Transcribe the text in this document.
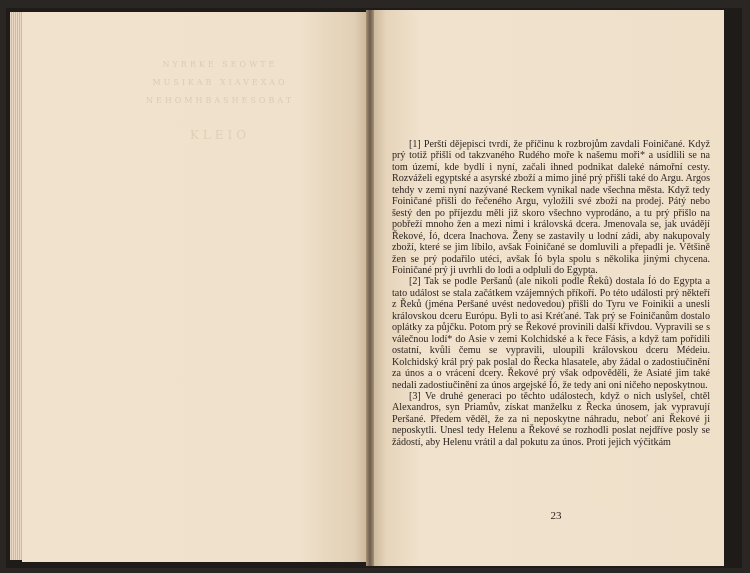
NYRRKE SEOWTE
MUSIKAB XIAVEXAO
NEHOMHBASHESOBAT
KLEIO

[1] Perští dějepisci tvrdí, že příčinu k rozbrojům zavdali Foiničané. Když prý totiž přišli od takzvaného Rudého moře k našemu moři* a usídlili se na tom území, kde bydlí i nyní, začali ihned podnikat daleké námořní cesty. Rozváželi egyptské a asyrské zboží a mimo jiné prý přišli také do Argu. Argos tehdy v zemi nyní nazývané Reckem vynikal nade všechna města. Když tedy Foiničané přišli do řečeného Argu, vyložili své zboží na prodej. Pátý nebo šestý den po příjezdu měli již skoro všechno vyprodáno, a tu prý přišlo na pobřeží mnoho žen a mezi nimi i královská dcera. Jmenovala se, jak uvádějí Řekové, Íó, dcera Inachova. Ženy se zastavily u lodní zádi, aby nakupovaly zboží, které se jim líbilo, avšak Foiničané se domluvili a přepadli je. Většině žen se prý podařilo utéci, avšak Íó byla spolu s několika jinými chycena. Foiničané prý ji uvrhli do lodi a odpluli do Egypta.

[2] Tak se podle Peršanů (ale nikoli podle Řeků) dostala Íó do Egypta a tato událost se stala začátkem vzájemných příkoří. Po této události prý někteří z Řeků (jména Peršané uvést nedovedou) přišli do Tyru ve Foinikii a unesli královskou dceru Európu. Byli to asi Kréťané. Tak prý se Foiničanům dostalo oplátky za půjčku. Potom prý se Řekové provinili další křivdou. Vypravili se s válečnou lodí* do Asie v zemi Kolchidské a k řece Fásis, a když tam pořídili ostatní, kvůli čemu se vypravili, uloupili královskou dceru Médeiu. Kolchidský král prý pak poslal do Řecka hlasatele, aby žádal o zadostiučinění za únos a o vrácení dcery. Řekové prý však odpověděli, že Asiaté jim také nedali zadostiučinění za únos argejské Íó, že tedy ani oni ničeho neposkytnou.

[3] Ve druhé generaci po těchto událostech, když o nich uslyšel, chtěl Alexandros, syn Priamův, získat manželku z Řecka únosem, jak vypravují Peršané. Předem věděl, že za ni neposkytne náhradu, neboť ani Řekové ji neposkytli. Unesl tedy Helenu a Řekové se rozhodli poslat nejdříve posly se žádostí, aby Helenu vrátil a dal pokutu za únos. Proti jejich výčitkám

23
